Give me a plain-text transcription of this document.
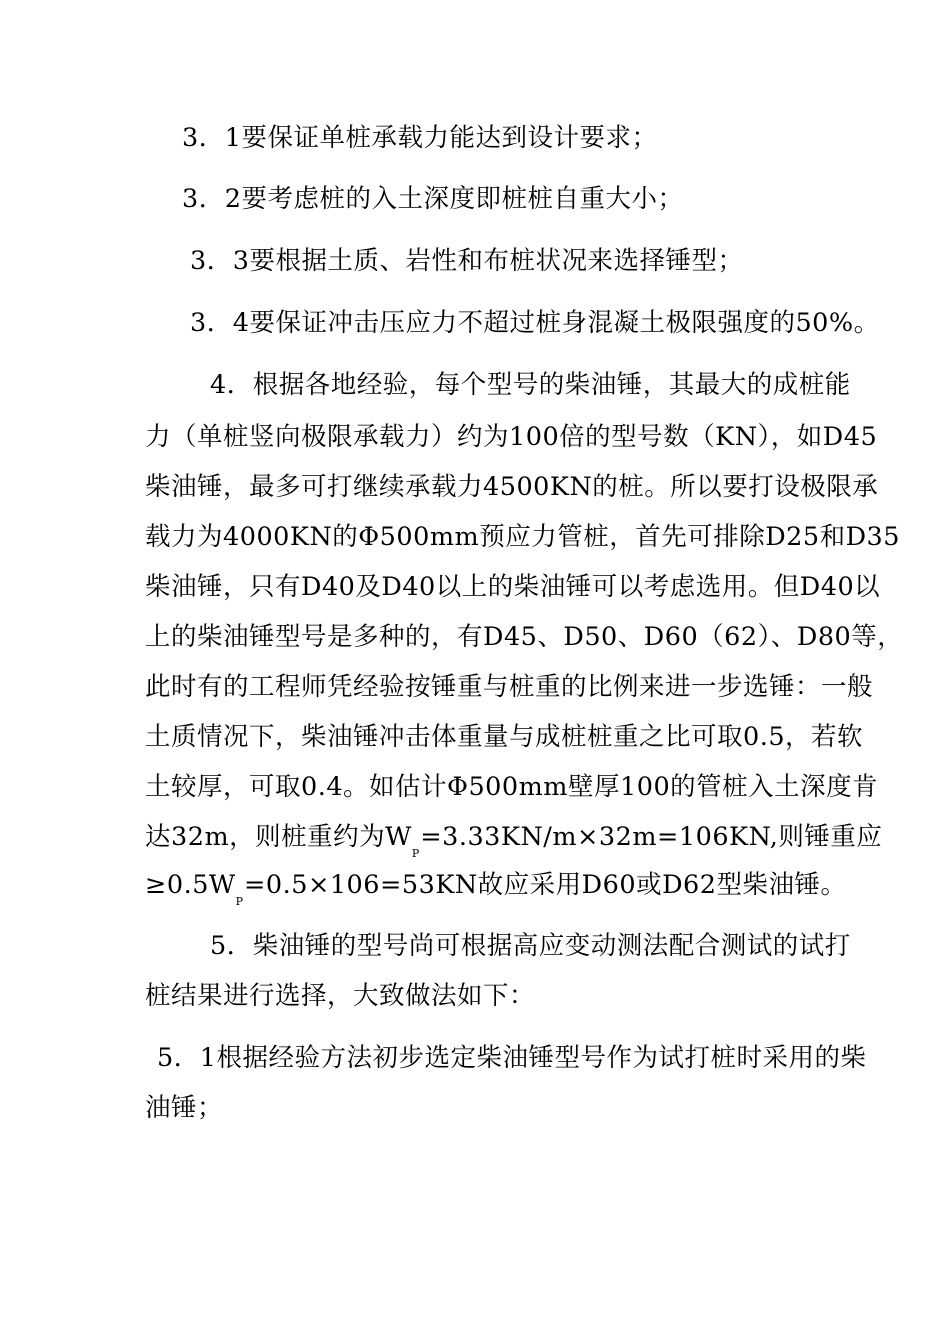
3．1要保证单桩承载力能达到设计要求；
3．2要考虑桩的入土深度即桩桩自重大小；
3．3要根据土质、岩性和布桩状况来选择锤型；
3．4要保证冲击压应力不超过桩身混凝土极限强度的50%。
4．根据各地经验，每个型号的柴油锤，其最大的成桩能
力（单桩竖向极限承载力）约为100倍的型号数（KN），如D45
柴油锤，最多可打继续承载力4500KN的桩。所以要打设极限承
载力为4000KN的Φ500mm预应力管桩，首先可排除D25和D35
柴油锤，只有D40及D40以上的柴油锤可以考虑选用。但D40以
上的柴油锤型号是多种的，有D45、D50、D60（62）、D80等，
此时有的工程师凭经验按锤重与桩重的比例来进一步选锤：一般
土质情况下，柴油锤冲击体重量与成桩桩重之比可取0.5，若软
土较厚，可取0.4。如估计Φ500mm壁厚100的管桩入土深度肯
达32m，则桩重约为$W_P=3.33KN/m\times 32m=106KN$,则锤重应
$\ge 0.5W_P=0.5\times 106=53KN$故应采用D60或D62型柴油锤。
5．柴油锤的型号尚可根据高应变动测法配合测试的试打
桩结果进行选择，大致做法如下：
5．1根据经验方法初步选定柴油锤型号作为试打桩时采用的柴
油锤；
